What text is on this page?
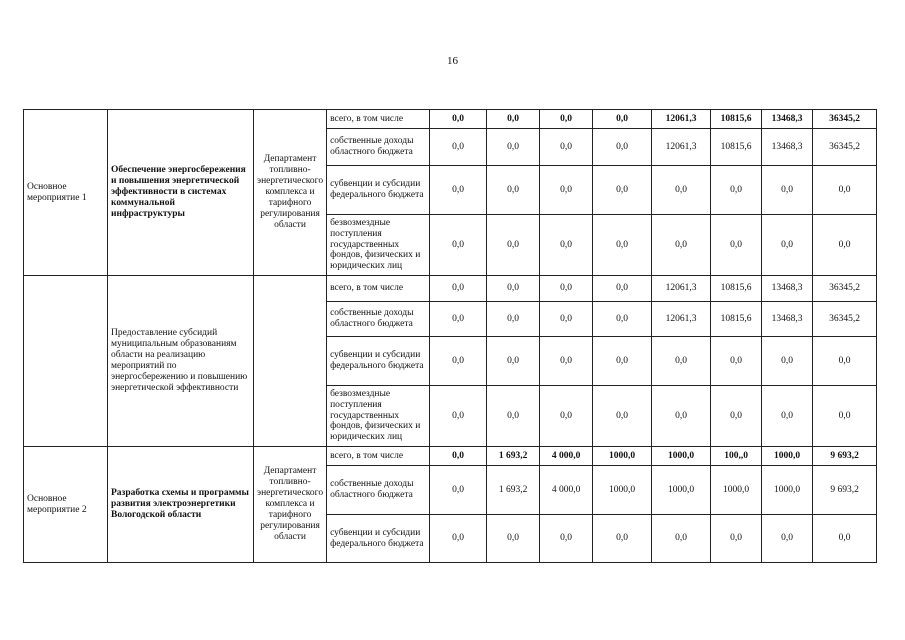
16
Основное мероприятие 1	Обеспечение энергосбережения и повышения энергетической эффективности в системах коммунальной инфраструктуры	Департамент топливно-энергетического комплекса и тарифного регулирования области	всего, в том числе	0,0	0,0	0,0	0,0	12061,3	10815,6	13468,3	36345,2
			собственные доходы областного бюджета	0,0	0,0	0,0	0,0	12061,3	10815,6	13468,3	36345,2
			субвенции и субсидии федерального бюджета	0,0	0,0	0,0	0,0	0,0	0,0	0,0	0,0
			безвозмездные поступления государственных фондов, физических и юридических лиц	0,0	0,0	0,0	0,0	0,0	0,0	0,0	0,0
	Предоставление субсидий муниципальным образованиям области на реализацию мероприятий по энергосбережению и повышению энергетической эффективности		всего, в том числе	0,0	0,0	0,0	0,0	12061,3	10815,6	13468,3	36345,2
			собственные доходы областного бюджета	0,0	0,0	0,0	0,0	12061,3	10815,6	13468,3	36345,2
			субвенции и субсидии федерального бюджета	0,0	0,0	0,0	0,0	0,0	0,0	0,0	0,0
			безвозмездные поступления государственных фондов, физических и юридических лиц	0,0	0,0	0,0	0,0	0,0	0,0	0,0	0,0
Основное мероприятие 2	Разработка схемы и программы развития электроэнергетики Вологодской области	Департамент топливно-энергетического комплекса и тарифного регулирования области	всего, в том числе	0,0	1 693,2	4 000,0	1000,0	1000,0	100,,0	1000,0	9 693,2
			собственные доходы областного бюджета	0,0	1 693,2	4 000,0	1000,0	1000,0	1000,0	1000,0	9 693,2
			субвенции и субсидии федерального бюджета	0,0	0,0	0,0	0,0	0,0	0,0	0,0	0,0
